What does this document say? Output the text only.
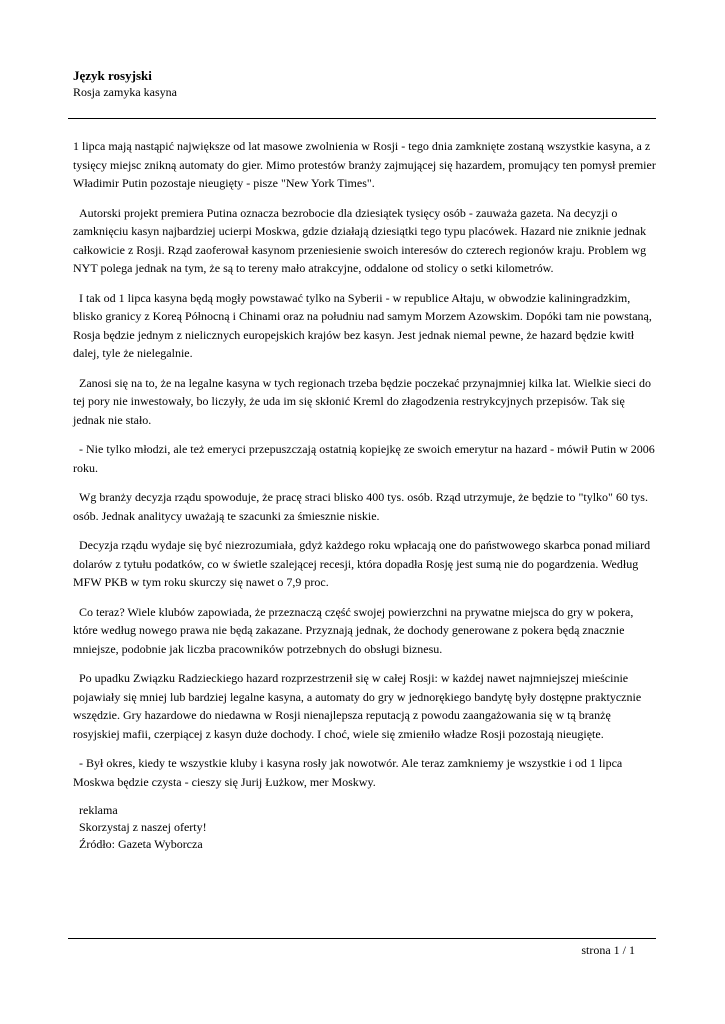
Język rosyjski

Rosja zamyka kasyna

1 lipca mają nastąpić największe od lat masowe zwolnienia w Rosji - tego dnia zamknięte zostaną wszystkie kasyna, a z tysięcy miejsc znikną automaty do gier. Mimo protestów branży zajmującej się hazardem, promujący ten pomysł premier Władimir Putin pozostaje nieugięty - pisze "New York Times".

Autorski projekt premiera Putina oznacza bezrobocie dla dziesiątek tysięcy osób - zauważa gazeta. Na decyzji o zamknięciu kasyn najbardziej ucierpi Moskwa, gdzie działają dziesiątki tego typu placówek. Hazard nie zniknie jednak całkowicie z Rosji. Rząd zaoferował kasynom przeniesienie swoich interesów do czterech regionów kraju. Problem wg NYT polega jednak na tym, że są to tereny mało atrakcyjne, oddalone od stolicy o setki kilometrów.

I tak od 1 lipca kasyna będą mogły powstawać tylko na Syberii - w republice Ałtaju, w obwodzie kaliningradzkim, blisko granicy z Koreą Północną i Chinami oraz na południu nad samym Morzem Azowskim. Dopóki tam nie powstaną, Rosja będzie jednym z nielicznych europejskich krajów bez kasyn. Jest jednak niemal pewne, że hazard będzie kwitł dalej, tyle że nielegalnie.

Zanosi się na to, że na legalne kasyna w tych regionach trzeba będzie poczekać przynajmniej kilka lat. Wielkie sieci do tej pory nie inwestowały, bo liczyły, że uda im się skłonić Kreml do złagodzenia restrykcyjnych przepisów. Tak się jednak nie stało.

- Nie tylko młodzi, ale też emeryci przepuszczają ostatnią kopiejkę ze swoich emerytur na hazard - mówił Putin w 2006 roku.

Wg branży decyzja rządu spowoduje, że pracę straci blisko 400 tys. osób. Rząd utrzymuje, że będzie to "tylko" 60 tys. osób. Jednak analitycy uważają te szacunki za śmiesznie niskie.

Decyzja rządu wydaje się być niezrozumiała, gdyż każdego roku wpłacają one do państwowego skarbca ponad miliard dolarów z tytułu podatków, co w świetle szalejącej recesji, która dopadła Rosję jest sumą nie do pogardzenia. Według MFW PKB w tym roku skurczy się nawet o 7,9 proc.

Co teraz? Wiele klubów zapowiada, że przeznaczą część swojej powierzchni na prywatne miejsca do gry w pokera, które według nowego prawa nie będą zakazane. Przyznają jednak, że dochody generowane z pokera będą znacznie mniejsze, podobnie jak liczba pracowników potrzebnych do obsługi biznesu.

Po upadku Związku Radzieckiego hazard rozprzestrzenił się w całej Rosji: w każdej nawet najmniejszej mieścinie pojawiały się mniej lub bardziej legalne kasyna, a automaty do gry w jednorękiego bandytę były dostępne praktycznie wszędzie. Gry hazardowe do niedawna w Rosji nienajlepsza reputacją z powodu zaangażowania się w tą branżę rosyjskiej mafii, czerpiącej z kasyn duże dochody. I choć, wiele się zmieniło władze Rosji pozostają nieugięte.

- Był okres, kiedy te wszystkie kluby i kasyna rosły jak nowotwór. Ale teraz zamkniemy je wszystkie i od 1 lipca Moskwa będzie czysta - cieszy się Jurij Łużkow, mer Moskwy.

reklama
Skorzystaj z naszej oferty!
Źródło: Gazeta Wyborcza
strona 1 / 1
